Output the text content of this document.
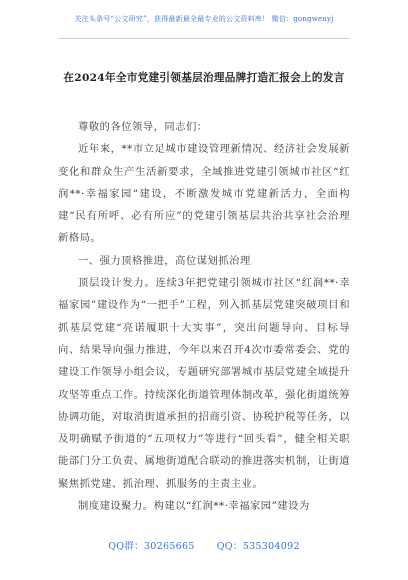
关注头条号“公文研究”，获得最新最全最专业的公文资料库！ 微信：gongwenyj
在2024年全市党建引领基层治理品牌打造汇报会上的发言

尊敬的各位领导，同志们：

近年来，**市立足城市建设管理新情况、经济社会发展新变化和群众生产生活新要求，全域推进党建引领城市社区“红润**·幸福家园”建设，不断激发城市党建新活力，全面构建“民有所呼、必有所应”的党建引领基层共治共享社会治理新格局。

一、强力顶格推进，高位谋划抓治理

顶层设计发力。连续3年把党建引领城市社区“红润**·幸福家园”建设作为“一把手”工程，列入抓基层党建突破项目和抓基层党建“亮诺履职十大实事”，突出问题导向、目标导向、结果导向强力推进，今年以来召开4次市委常委会、党的建设工作领导小组会议，专题研究部署城市基层党建全域提升攻坚等重点工作。持续深化街道管理体制改革，强化街道统筹协调功能，对取消街道承担的招商引资、协税护税等任务，以及明确赋予街道的“五项权力”等进行“回头看”，健全相关职能部门分工负责、属地街道配合联动的推进落实机制，让街道聚焦抓党建、抓治理、抓服务的主责主业。

制度建设聚力。构建以“红润**·幸福家园”建设为

QQ群：30265665 QQ：535304092
